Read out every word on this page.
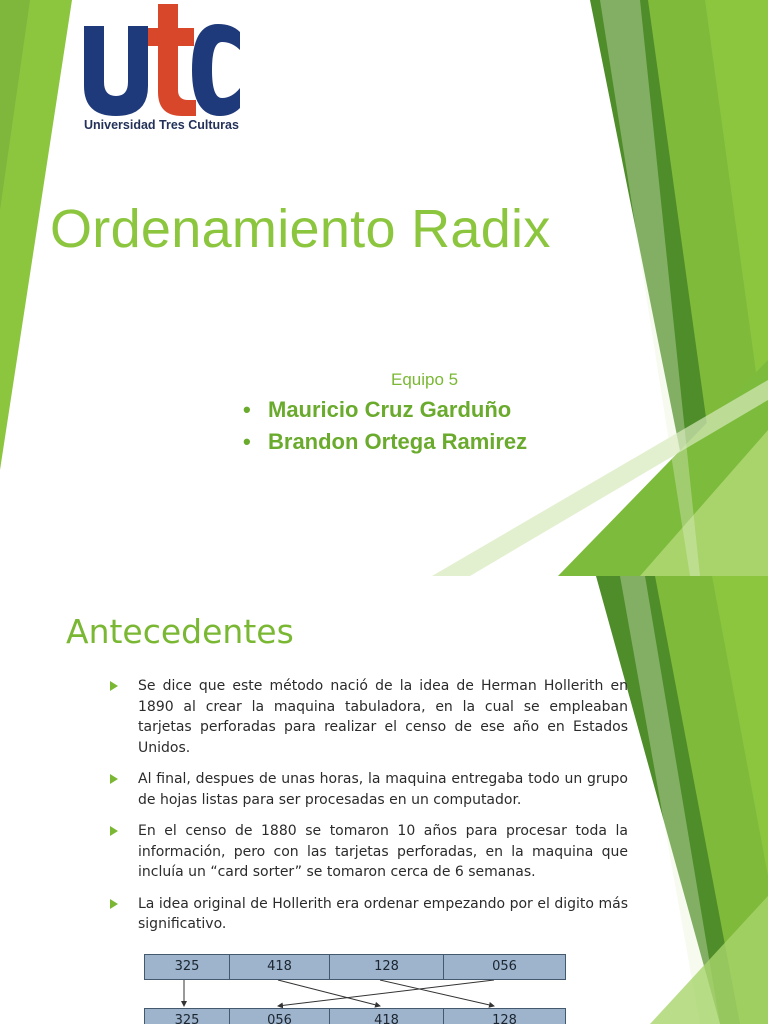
Universidad Tres Culturas
Ordenamiento Radix
Equipo 5
• Mauricio Cruz Garduño
• Brandon Ortega Ramirez
Antecedentes
Se dice que este método nació de la idea de Herman Hollerith en 1890 al crear la maquina tabuladora, en la cual se empleaban tarjetas perforadas para realizar el censo de ese año en Estados Unidos.
Al final, despues de unas horas, la maquina entregaba todo un grupo de hojas listas para ser procesadas en un computador.
En el censo de 1880 se tomaron 10 años para procesar toda la información, pero con las tarjetas perforadas, en la maquina que incluía un “card sorter” se tomaron cerca de 6 semanas.
La idea original de Hollerith era ordenar empezando por el digito más significativo.
325	418	128	056
325	056	418	128
